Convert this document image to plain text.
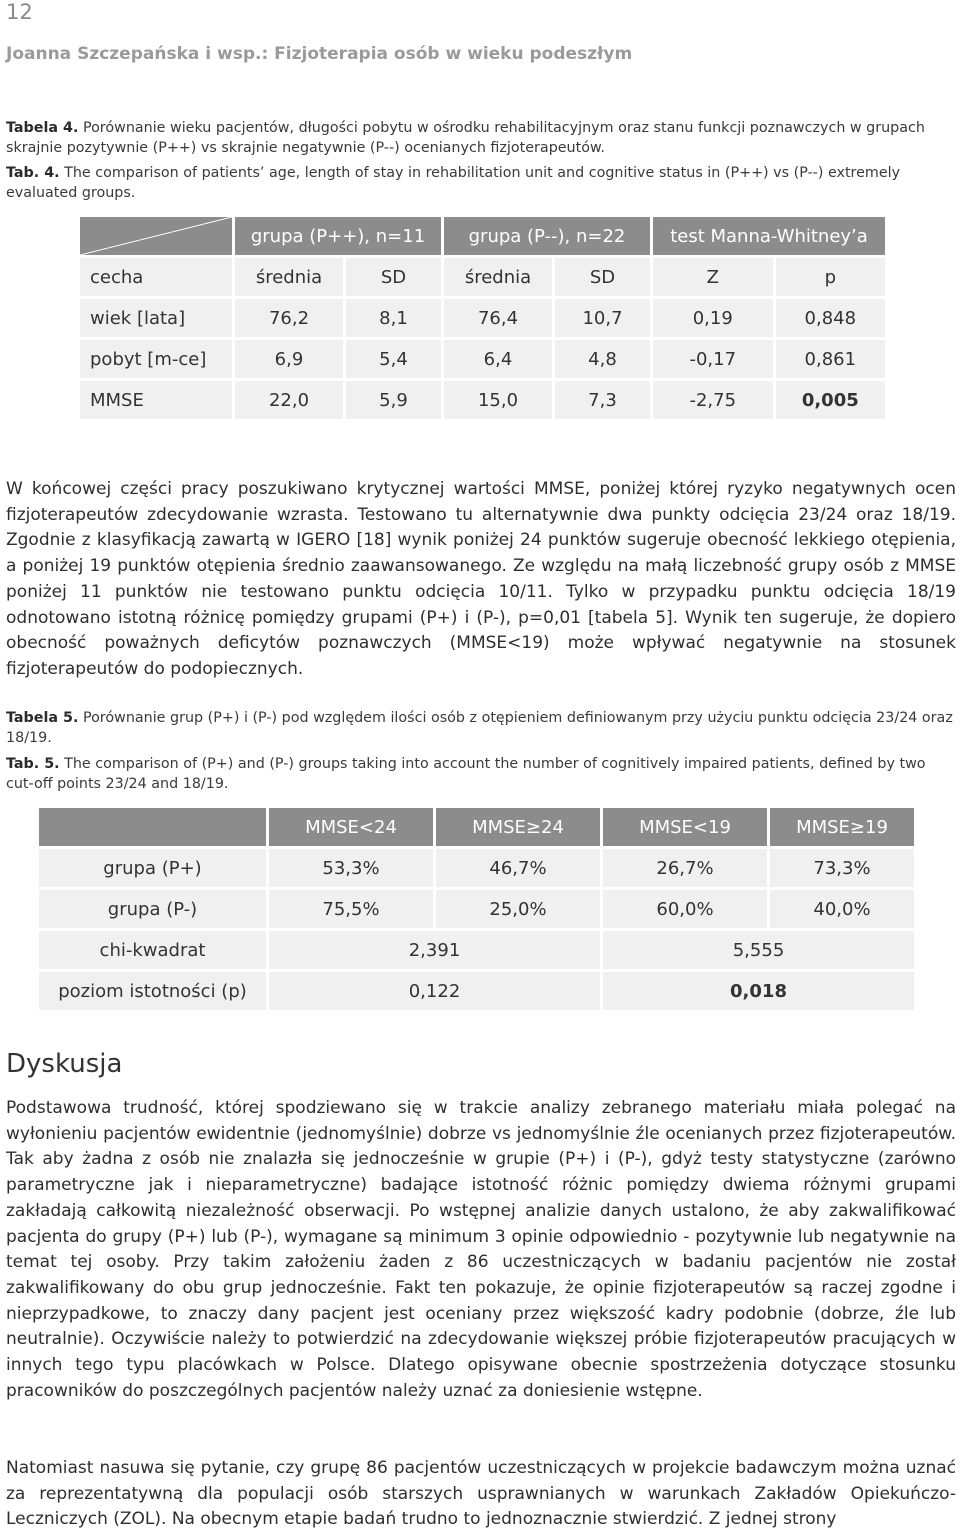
12
Joanna Szczepańska i wsp.: Fizjoterapia osób w wieku podeszłym
Tabela 4. Porównanie wieku pacjentów, długości pobytu w ośrodku rehabilitacyjnym oraz stanu funkcji poznawczych w grupach skrajnie pozytywnie (P++) vs skrajnie negatywnie (P--) ocenianych fizjoterapeutów.
Tab. 4. The comparison of patients’ age, length of stay in rehabilitation unit and cognitive status in (P++) vs (P--) extremely evaluated groups.
	grupa (P++), n=11		grupa (P--), n=22		test Manna-Whitney’a	
cecha	średnia	SD	średnia	SD	Z	p
wiek [lata]	76,2	8,1	76,4	10,7	0,19	0,848
pobyt [m-ce]	6,9	5,4	6,4	4,8	-0,17	0,861
MMSE	22,0	5,9	15,0	7,3	-2,75	0,005
W końcowej części pracy poszukiwano krytycznej wartości MMSE, poniżej której ryzyko negatywnych ocen fizjoterapeutów zdecydowanie wzrasta. Testowano tu alternatywnie dwa punkty odcięcia 23/24 oraz 18/19. Zgodnie z klasyfikacją zawartą w IGERO [18] wynik poniżej 24 punktów sugeruje obecność lekkiego otępienia, a poniżej 19 punktów otępienia średnio zaawansowanego. Ze względu na małą liczebność grupy osób z MMSE poniżej 11 punktów nie testowano punktu odcięcia 10/11. Tylko w przypadku punktu odcięcia 18/19 odnotowano istotną różnicę pomiędzy grupami (P+) i (P-), p=0,01 [tabela 5]. Wynik ten sugeruje, że dopiero obecność poważnych deficytów poznawczych (MMSE<19) może wpływać negatywnie na stosunek fizjoterapeutów do podopiecznych.
Tabela 5. Porównanie grup (P+) i (P-) pod względem ilości osób z otępieniem definiowanym przy użyciu punktu odcięcia 23/24 oraz 18/19.
Tab. 5. The comparison of (P+) and (P-) groups taking into account the number of cognitively impaired patients, defined by two cut-off points 23/24 and 18/19.
	MMSE<24	MMSE≥24	MMSE<19	MMSE≥19
grupa (P+)	53,3%	46,7%	26,7%	73,3%
grupa (P-)	75,5%	25,0%	60,0%	40,0%
chi-kwadrat	2,391		5,555	
poziom istotności (p)	0,122		0,018	
Dyskusja
Podstawowa trudność, której spodziewano się w trakcie analizy zebranego materiału miała polegać na wyłonieniu pacjentów ewidentnie (jednomyślnie) dobrze vs jednomyślnie źle ocenianych przez fizjoterapeutów. Tak aby żadna z osób nie znalazła się jednocześnie w grupie (P+) i (P-), gdyż testy statystyczne (zarówno parametryczne jak i nieparametryczne) badające istotność różnic pomiędzy dwiema różnymi grupami zakładają całkowitą niezależność obserwacji. Po wstępnej analizie danych ustalono, że aby zakwalifikować pacjenta do grupy (P+) lub (P-), wymagane są minimum 3 opinie odpowiednio - pozytywnie lub negatywnie na temat tej osoby. Przy takim założeniu żaden z 86 uczestniczących w badaniu pacjentów nie został zakwalifikowany do obu grup jednocześnie. Fakt ten pokazuje, że opinie fizjoterapeutów są raczej zgodne i nieprzypadkowe, to znaczy dany pacjent jest oceniany przez większość kadry podobnie (dobrze, źle lub neutralnie). Oczywiście należy to potwierdzić na zdecydowanie większej próbie fizjoterapeutów pracujących w innych tego typu placówkach w Polsce. Dlatego opisywane obecnie spostrzeżenia dotyczące stosunku pracowników do poszczególnych pacjentów należy uznać za doniesienie wstępne.
Natomiast nasuwa się pytanie, czy grupę 86 pacjentów uczestniczących w projekcie badawczym można uznać za reprezentatywną dla populacji osób starszych usprawnianych w warunkach Zakładów Opiekuńczo-Leczniczych (ZOL). Na obecnym etapie badań trudno to jednoznacznie stwierdzić. Z jednej strony
